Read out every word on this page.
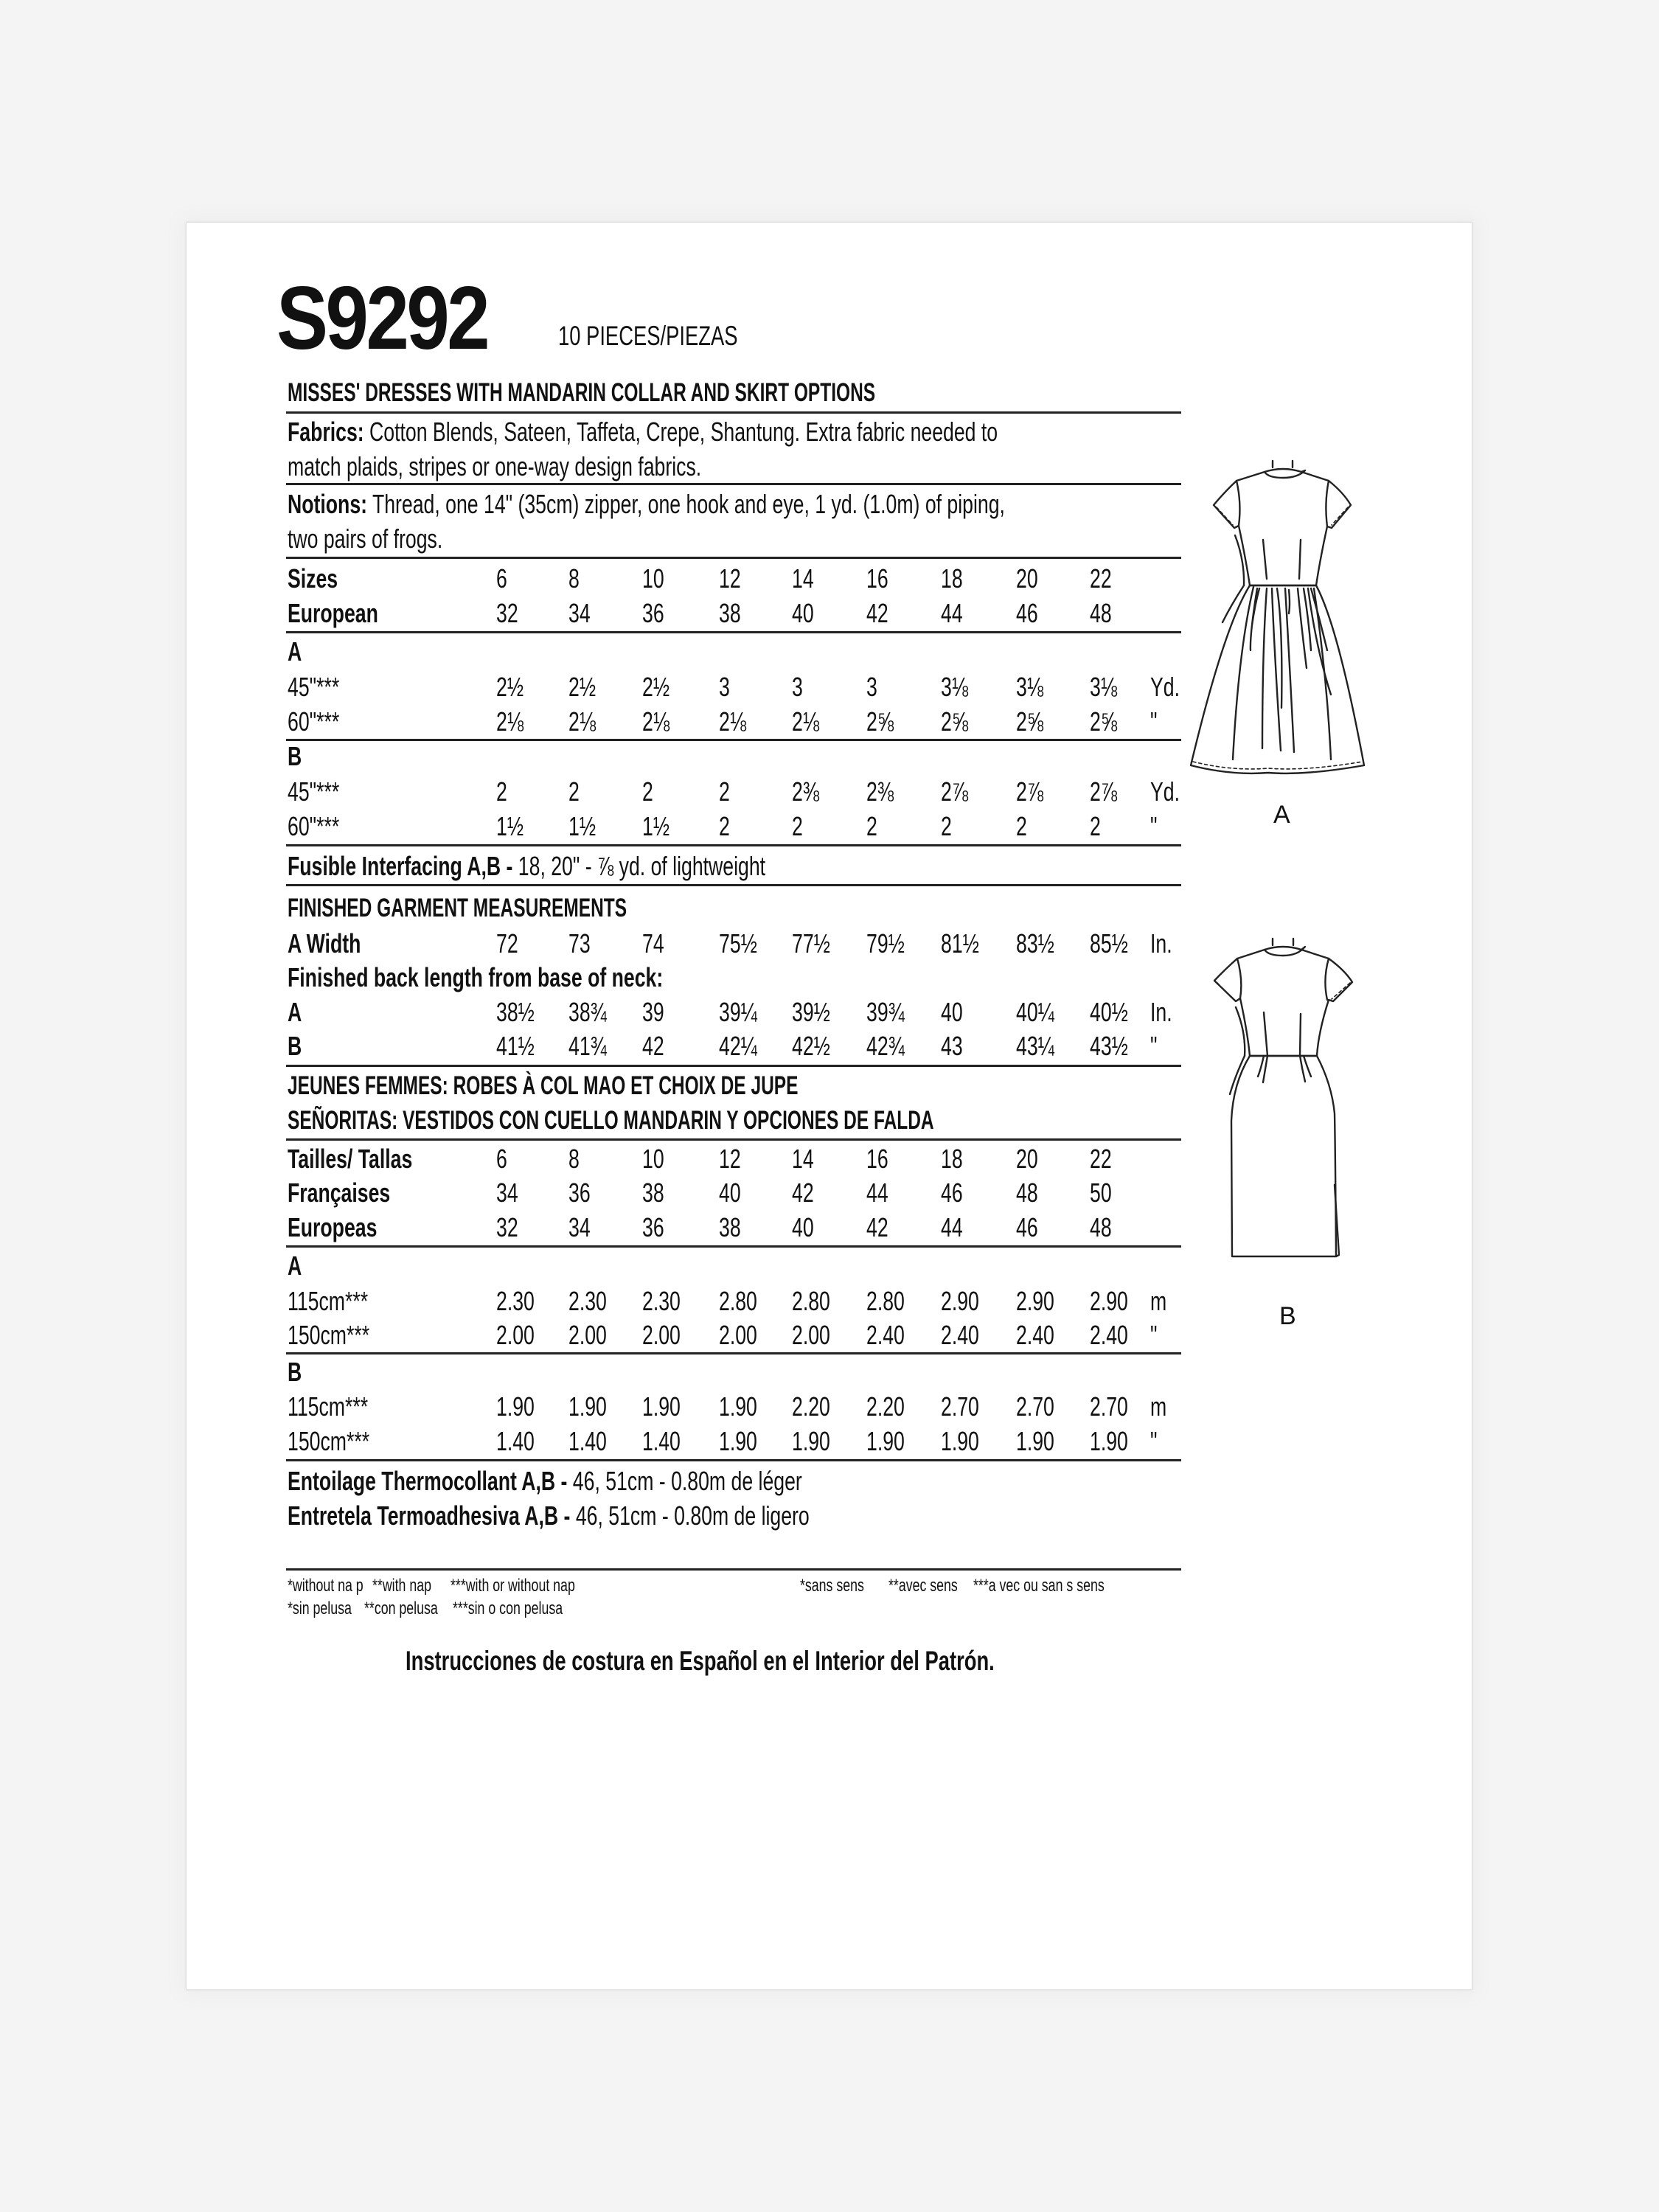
S9292	10 PIECES/PIEZAS
MISSES' DRESSES WITH MANDARIN COLLAR AND SKIRT OPTIONS
Fabrics: Cotton Blends, Sateen, Taffeta, Crepe, Shantung. Extra fabric needed to
match plaids, stripes or one-way design fabrics.
Notions: Thread, one 14" (35cm) zipper, one hook and eye, 1 yd. (1.0m) of piping,
two pairs of frogs.
Sizes	6 8 10 12 14 16 18 20 22
European	32 34 36 38 40 42 44 46 48
A
45"***	2½	2½	2½	3 3 3 3⅛	3⅛	3⅛	Yd.
60"***	2⅛	2⅛	2⅛	2⅛	2⅛	2⅝	2⅝	2⅝	2⅝	"
B
45"***	2 2 2 2 2⅜	2⅜	2⅞	2⅞	2⅞	Yd.
60"***	1½	1½	1½	2 2 2 2 2 2 "
Fusible Interfacing A,B - 18, 20" - ⅞ yd. of lightweight
FINISHED GARMENT MEASUREMENTS
A Width	72 73 74 75½	77½	79½	81½	83½	85½ In.
Finished back length from base of neck:
A	38½	38¾	39 39¼	39½	39¾	40 40¼	40½ In.
B	41½	41¾	42 42¼	42½	42¾	43 43¼	43½ "
JEUNES FEMMES: ROBES À COL MAO ET CHOIX DE JUPE
SEÑORITAS: VESTIDOS CON CUELLO MANDARIN Y OPCIONES DE FALDA
Tailles/ Tallas	6 8 10 12 14 16 18 20 22
Françaises	34 36 38 40 42 44 46 48 50
Europeas	32 34 36 38 40 42 44 46 48
A
115cm***	2.30	2.30	2.30	2.80	2.80	2.80	2.90	2.90	2.90 m
150cm***	2.00	2.00	2.00	2.00	2.00	2.40	2.40	2.40	2.40 "
B
115cm***	1.90	1.90	1.90	1.90	2.20	2.20	2.70	2.70	2.70 m
150cm***	1.40	1.40	1.40	1.90	1.90	1.90	1.90	1.90	1.90 "
Entoilage Thermocollant A,B - 46, 51cm - 0.80m de léger
Entretela Termoadhesiva A,B - 46, 51cm - 0.80m de ligero
*without na p **with nap	***with or without nap
*sin pelusa **con pelusa ***sin o con pelusa
*sans sens	**avec sens ***a vec ou san s sens
Instrucciones de costura en Español en el Interior del Patrón.
A
B
